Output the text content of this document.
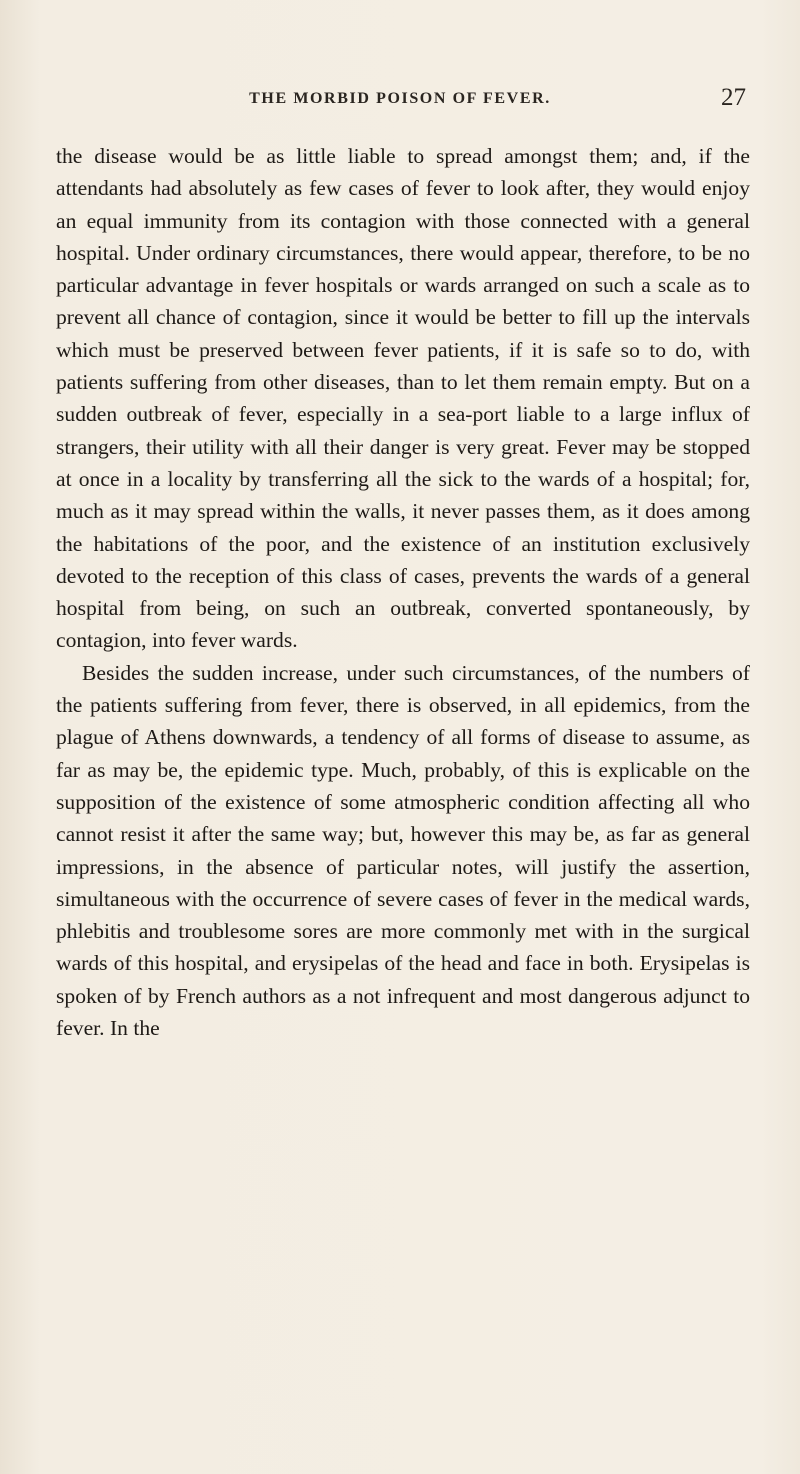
THE MORBID POISON OF FEVER.	27

the disease would be as little liable to spread amongst them; and, if the attendants had absolutely as few cases of fever to look after, they would enjoy an equal immunity from its contagion with those connected with a general hospital. Under ordinary circumstances, there would appear, therefore, to be no particular advantage in fever hospitals or wards arranged on such a scale as to prevent all chance of contagion, since it would be better to fill up the intervals which must be preserved between fever patients, if it is safe so to do, with patients suffering from other diseases, than to let them remain empty. But on a sudden outbreak of fever, especially in a sea-port liable to a large influx of strangers, their utility with all their danger is very great. Fever may be stopped at once in a locality by transferring all the sick to the wards of a hospital; for, much as it may spread within the walls, it never passes them, as it does among the habitations of the poor, and the existence of an institution exclusively devoted to the reception of this class of cases, prevents the wards of a general hospital from being, on such an outbreak, converted spontaneously, by contagion, into fever wards.

Besides the sudden increase, under such circumstances, of the numbers of the patients suffering from fever, there is observed, in all epidemics, from the plague of Athens downwards, a tendency of all forms of disease to assume, as far as may be, the epidemic type. Much, probably, of this is explicable on the supposition of the existence of some atmospheric condition affecting all who cannot resist it after the same way; but, however this may be, as far as general impressions, in the absence of particular notes, will justify the assertion, simultaneous with the occurrence of severe cases of fever in the medical wards, phlebitis and troublesome sores are more commonly met with in the surgical wards of this hospital, and erysipelas of the head and face in both. Erysipelas is spoken of by French authors as a not infrequent and most dangerous adjunct to fever. In the
